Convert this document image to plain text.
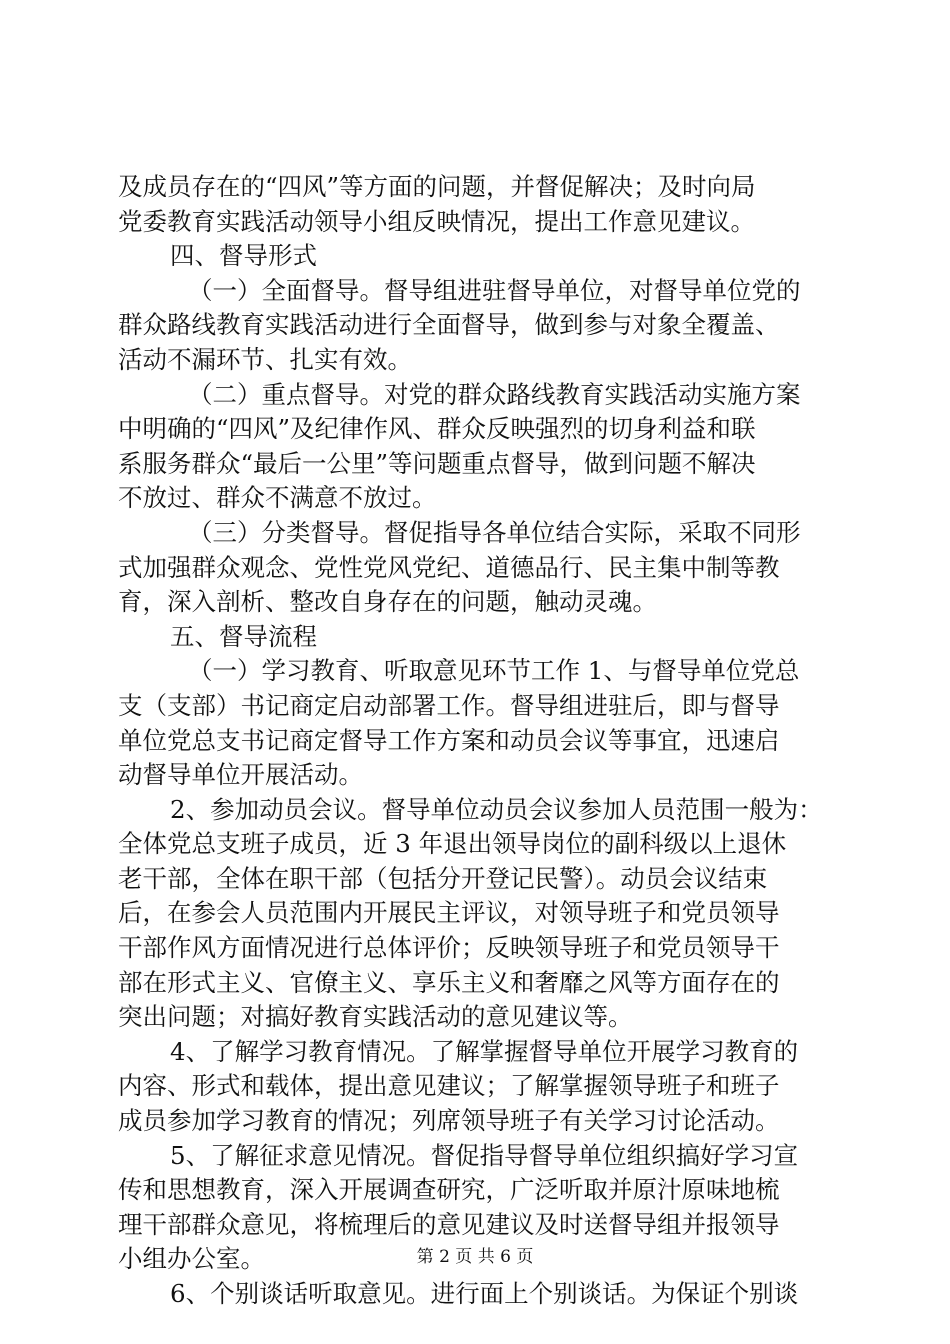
及成员存在的“四风”等方面的问题，并督促解决；及时向局
党委教育实践活动领导小组反映情况，提出工作意见建议。
四、督导形式
（一）全面督导。督导组进驻督导单位，对督导单位党的
群众路线教育实践活动进行全面督导，做到参与对象全覆盖、
活动不漏环节、扎实有效。
（二）重点督导。对党的群众路线教育实践活动实施方案
中明确的“四风”及纪律作风、群众反映强烈的切身利益和联
系服务群众“最后一公里”等问题重点督导，做到问题不解决
不放过、群众不满意不放过。
（三）分类督导。督促指导各单位结合实际，采取不同形
式加强群众观念、党性党风党纪、道德品行、民主集中制等教
育，深入剖析、整改自身存在的问题，触动灵魂。
五、督导流程
（一）学习教育、听取意见环节工作 1、与督导单位党总
支（支部）书记商定启动部署工作。督导组进驻后，即与督导
单位党总支书记商定督导工作方案和动员会议等事宜，迅速启
动督导单位开展活动。
2、参加动员会议。督导单位动员会议参加人员范围一般为：
全体党总支班子成员，近 3 年退出领导岗位的副科级以上退休
老干部，全体在职干部（包括分开登记民警）。动员会议结束
后，在参会人员范围内开展民主评议，对领导班子和党员领导
干部作风方面情况进行总体评价；反映领导班子和党员领导干
部在形式主义、官僚主义、享乐主义和奢靡之风等方面存在的
突出问题；对搞好教育实践活动的意见建议等。
4、了解学习教育情况。了解掌握督导单位开展学习教育的
内容、形式和载体，提出意见建议；了解掌握领导班子和班子
成员参加学习教育的情况；列席领导班子有关学习讨论活动。
5、了解征求意见情况。督促指导督导单位组织搞好学习宣
传和思想教育，深入开展调查研究，广泛听取并原汁原味地梳
理干部群众意见，将梳理后的意见建议及时送督导组并报领导
小组办公室。
6、个别谈话听取意见。进行面上个别谈话。为保证个别谈
第 2 页 共 6 页
